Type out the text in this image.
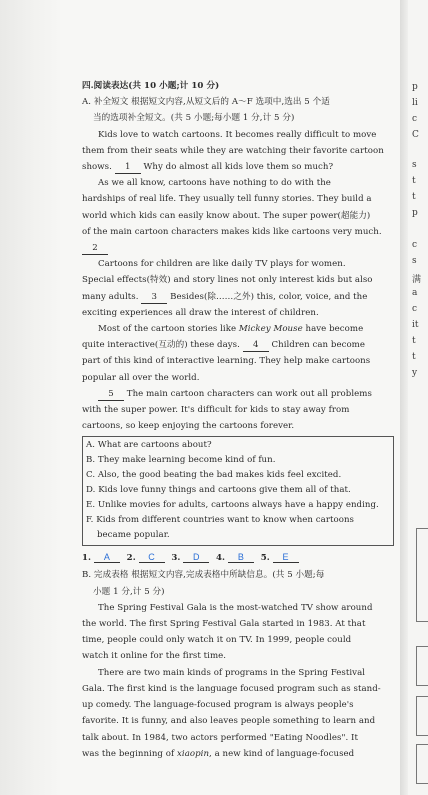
p
li
c
C
s
t
t
p
c
s
满
a
c
it
t
t
y
四.阅读表达(共 10 小题;计 10 分)
A. 补全短文 根据短文内容,从短文后的 A～F 选项中,选出 5 个适
当的选项补全短文。(共 5 小题;每小题 1 分,计 5 分)
Kids love to watch cartoons. It becomes really difficult to move
them from their seats while they are watching their favorite cartoon
shows. 1 Why do almost all kids love them so much?
As we all know, cartoons have nothing to do with the
hardships of real life. They usually tell funny stories. They build a
world which kids can easily know about. The super power(超能力)
of the main cartoon characters makes kids like cartoons very much.
2
Cartoons for children are like daily TV plays for women.
Special effects(特效) and story lines not only interest kids but also
many adults. 3 Besides(除……之外) this, color, voice, and the
exciting experiences all draw the interest of children.
Most of the cartoon stories like Mickey Mouse have become
quite interactive(互动的) these days. 4 Children can become
part of this kind of interactive learning. They help make cartoons
popular all over the world.
5 The main cartoon characters can work out all problems
with the super power. It's difficult for kids to stay away from
cartoons, so keep enjoying the cartoons forever.
A. What are cartoons about?
B. They make learning become kind of fun.
C. Also, the good beating the bad makes kids feel excited.
D. Kids love funny things and cartoons give them all of that.
E. Unlike movies for adults, cartoons always have a happy ending.
F. Kids from different countries want to know when cartoons
became popular.
1. A 2. C 3. D 4. B 5. E
B. 完成表格 根据短文内容,完成表格中所缺信息。(共 5 小题;每
小题 1 分,计 5 分)
The Spring Festival Gala is the most-watched TV show around
the world. The first Spring Festival Gala started in 1983. At that
time, people could only watch it on TV. In 1999, people could
watch it online for the first time.
There are two main kinds of programs in the Spring Festival
Gala. The first kind is the language focused program such as stand-
up comedy. The language-focused program is always people's
favorite. It is funny, and also leaves people something to learn and
talk about. In 1984, two actors performed "Eating Noodles". It
was the beginning of xiaopin, a new kind of language-focused
